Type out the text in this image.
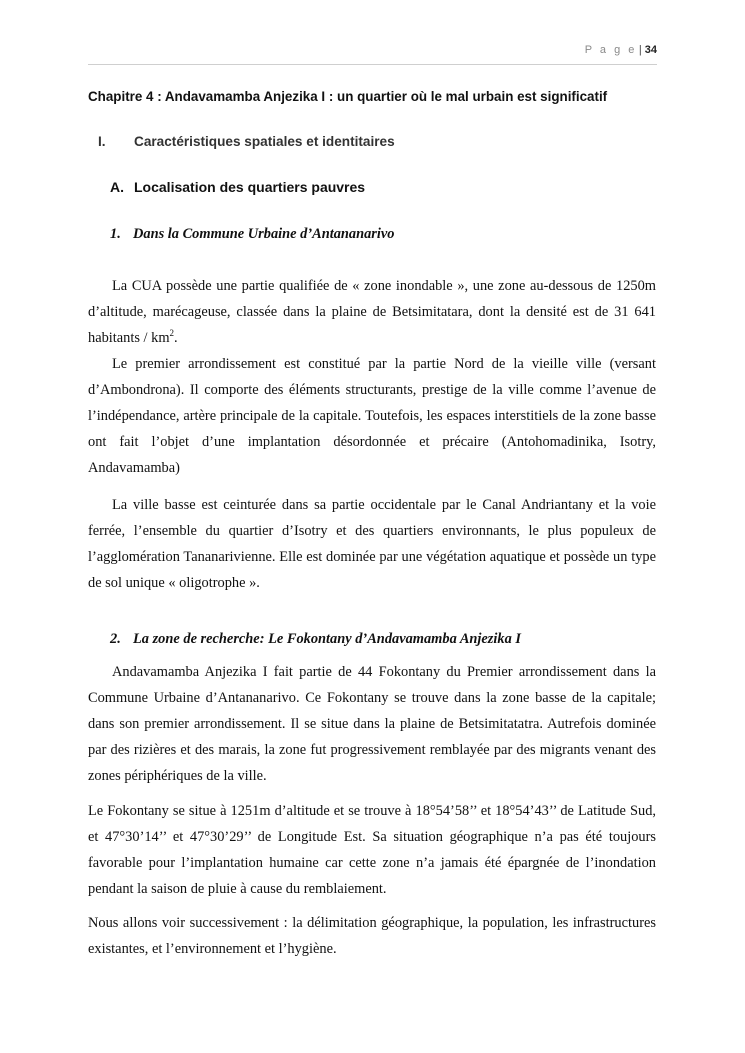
P a g e | 34
Chapitre 4 : Andavamamba Anjezika I : un quartier où le mal urbain est significatif
I. Caractéristiques spatiales et identitaires
A. Localisation des quartiers pauvres
1. Dans la Commune Urbaine d’Antananarivo

La CUA possède une partie qualifiée de « zone inondable », une zone au-dessous de 1250m d’altitude, marécageuse, classée dans la plaine de Betsimitatara, dont la densité est de 31 641 habitants / $km^2$.

Le premier arrondissement est constitué par la partie Nord de la vieille ville (versant d’Ambondrona). Il comporte des éléments structurants, prestige de la ville comme l’avenue de l’indépendance, artère principale de la capitale. Toutefois, les espaces interstitiels de la zone basse ont fait l’objet d’une implantation désordonnée et précaire (Antohomadinika, Isotry, Andavamamba)

La ville basse est ceinturée dans sa partie occidentale par le Canal Andriantany et la voie ferrée, l’ensemble du quartier d’Isotry et des quartiers environnants, le plus populeux de l’agglomération Tananarivienne. Elle est dominée par une végétation aquatique et possède un type de sol unique « oligotrophe ».

2. La zone de recherche: Le Fokontany d’Andavamamba Anjezika I

Andavamamba Anjezika I fait partie de 44 Fokontany du Premier arrondissement dans la Commune Urbaine d’Antananarivo. Ce Fokontany se trouve dans la zone basse de la capitale; dans son premier arrondissement. Il se situe dans la plaine de Betsimitatatra. Autrefois dominée par des rizières et des marais, la zone fut progressivement remblayée par des migrants venant des zones périphériques de la ville.

Le Fokontany se situe à 1251m d’altitude et se trouve à 18°54’58’’ et 18°54’43’’ de Latitude Sud, et 47°30’14’’ et 47°30’29’’ de Longitude Est. Sa situation géographique n’a pas été toujours favorable pour l’implantation humaine car cette zone n’a jamais été épargnée de l’inondation pendant la saison de pluie à cause du remblaiement.

Nous allons voir successivement : la délimitation géographique, la population, les infrastructures existantes, et l’environnement et l’hygiène.
